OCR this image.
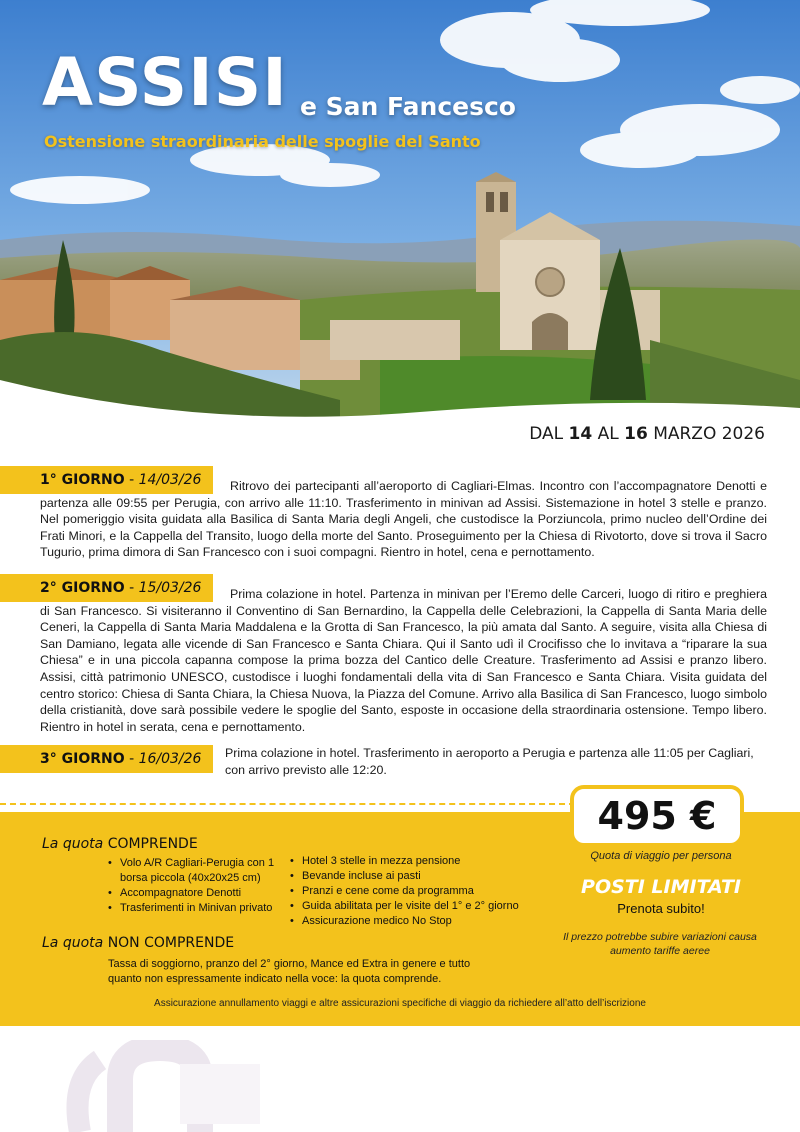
ASSISI e San Fancesco
Ostensione straordinaria delle spoglie del Santo
DAL 14 AL 16 MARZO 2026
1° GIORNO - 14/03/26	Ritrovo dei partecipanti all’aeroporto di Cagliari-Elmas. Incontro con l’accompagnatore Denotti e partenza alle 09:55 per Perugia, con arrivo alle 11:10. Trasferimento in minivan ad Assisi. Sistemazione in hotel 3 stelle e pranzo. Nel pomeriggio visita guidata alla Basilica di Santa Maria degli Angeli, che custodisce la Porziuncola, primo nucleo dell’Ordine dei Frati Minori, e la Cappella del Transito, luogo della morte del Santo. Proseguimento per la Chiesa di Rivotorto, dove si trova il Sacro Tugurio, prima dimora di San Francesco con i suoi compagni. Rientro in hotel, cena e pernottamento.

2° GIORNO - 15/03/26	Prima colazione in hotel. Partenza in minivan per l’Eremo delle Carceri, luogo di ritiro e preghiera di San Francesco. Si visiteranno il Conventino di San Bernardino, la Cappella delle Celebrazioni, la Cappella di Santa Maria delle Ceneri, la Cappella di Santa Maria Maddalena e la Grotta di San Francesco, la più amata dal Santo. A seguire, visita alla Chiesa di San Damiano, legata alle vicende di San Francesco e Santa Chiara. Qui il Santo udì il Crocifisso che lo invitava a “riparare la sua Chiesa” e in una piccola capanna compose la prima bozza del Cantico delle Creature. Trasferimento ad Assisi e pranzo libero. Assisi, città patrimonio UNESCO, custodisce i luoghi fondamentali della vita di San Francesco e Santa Chiara. Visita guidata del centro storico: Chiesa di Santa Chiara, la Chiesa Nuova, la Piazza del Comune. Arrivo alla Basilica di San Francesco, luogo simbolo della cristianità, dove sarà possibile vedere le spoglie del Santo, esposte in occasione della straordinaria ostensione. Tempo libero. Rientro in hotel in serata, cena e pernottamento.

3° GIORNO - 16/03/26	Prima colazione in hotel. Trasferimento in aeroporto a Perugia e partenza alle 11:05 per Cagliari, con arrivo previsto alle 12:20.

495 €
La quota COMPRENDE
• Volo A/R Cagliari-Perugia con 1 borsa piccola (40x20x25 cm)
• Accompagnatore Denotti
• Trasferimenti in Minivan privato
• Hotel 3 stelle in mezza pensione
• Bevande incluse ai pasti
• Pranzi e cene come da programma
• Guida abilitata per le visite del 1° e 2° giorno
• Assicurazione medico No Stop
La quota NON COMPRENDE
Tassa di soggiorno, pranzo del 2° giorno, Mance ed Extra in genere e tutto quanto non espressamente indicato nella voce: la quota comprende.
Quota di viaggio per persona
POSTI LIMITATI
Prenota subito!
Il prezzo potrebbe subire variazioni causa aumento tariffe aeree
Assicurazione annullamento viaggi e altre assicurazioni specifiche di viaggio da richiedere all’atto dell’iscrizione
